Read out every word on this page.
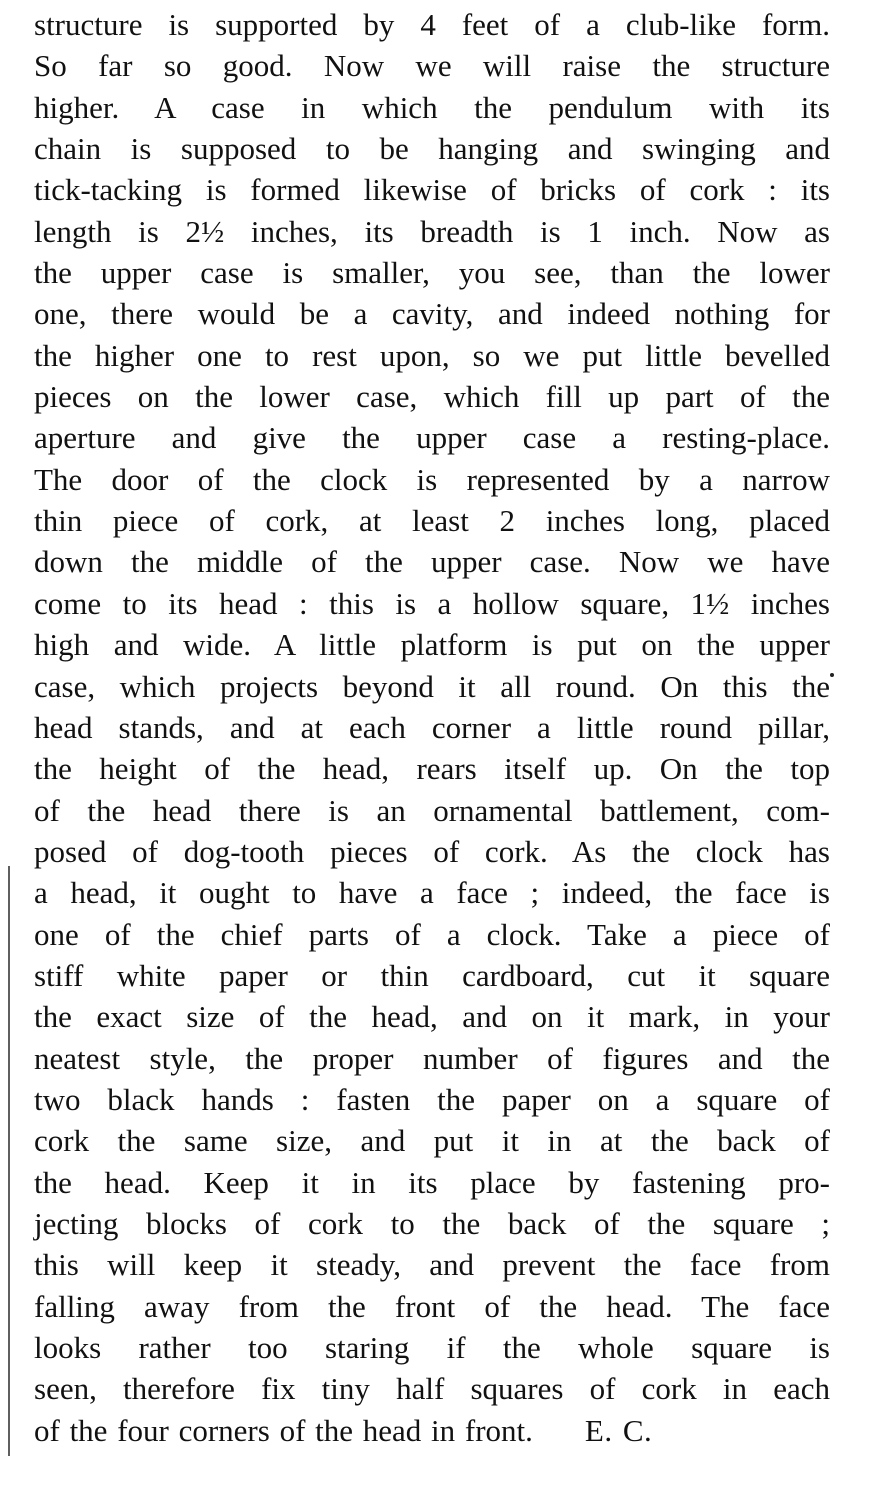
structure is supported by 4 feet of a club-like form.
So far so good. Now we will raise the structure
higher. A case in which the pendulum with its
chain is supposed to be hanging and swinging and
tick-tacking is formed likewise of bricks of cork : its
length is 2½ inches, its breadth is 1 inch. Now as
the upper case is smaller, you see, than the lower
one, there would be a cavity, and indeed nothing for
the higher one to rest upon, so we put little bevelled
pieces on the lower case, which fill up part of the
aperture and give the upper case a resting-place.
The door of the clock is represented by a narrow
thin piece of cork, at least 2 inches long, placed
down the middle of the upper case. Now we have
come to its head : this is a hollow square, 1½ inches
high and wide. A little platform is put on the upper
case, which projects beyond it all round. On this the
head stands, and at each corner a little round pillar,
the height of the head, rears itself up. On the top
of the head there is an ornamental battlement, com-
posed of dog-tooth pieces of cork. As the clock has
a head, it ought to have a face ; indeed, the face is
one of the chief parts of a clock. Take a piece of
stiff white paper or thin cardboard, cut it square
the exact size of the head, and on it mark, in your
neatest style, the proper number of figures and the
two black hands : fasten the paper on a square of
cork the same size, and put it in at the back of
the head. Keep it in its place by fastening pro-
jecting blocks of cork to the back of the square ;
this will keep it steady, and prevent the face from
falling away from the front of the head. The face
looks rather too staring if the whole square is
seen, therefore fix tiny half squares of cork in each
of the four corners of the head in front. E. C.
